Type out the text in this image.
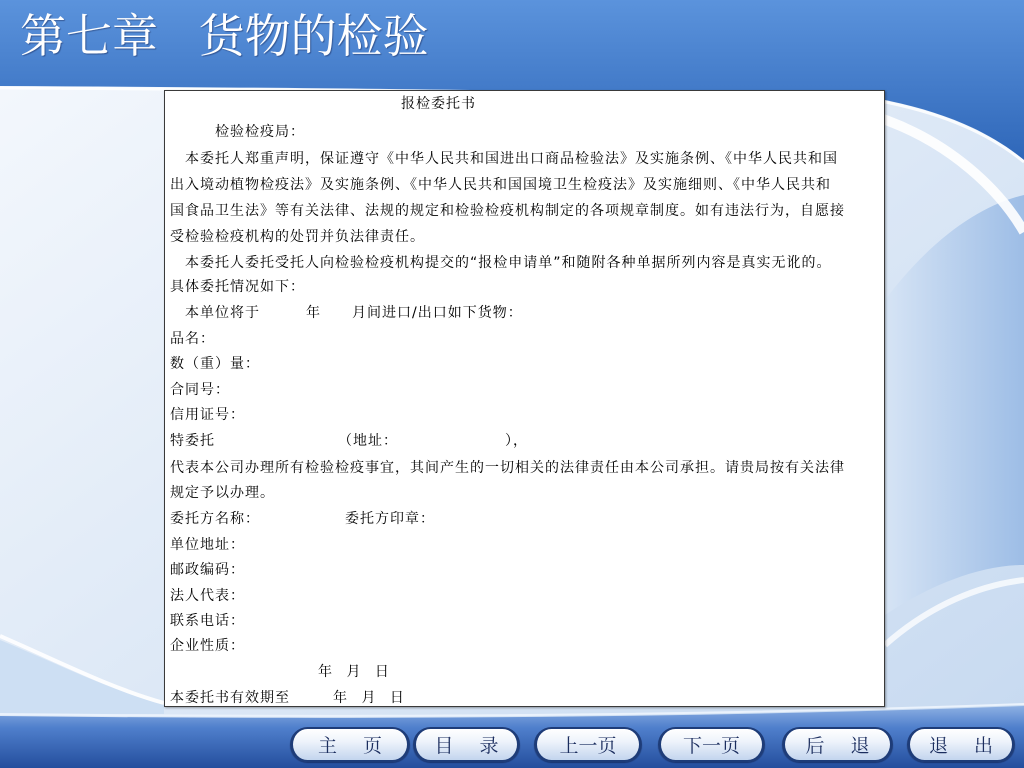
第七章 货物的检验
报检委托书
检验检疫局：
本委托人郑重声明，保证遵守《中华人民共和国进出口商品检验法》及实施条例、《中华人民共和国
出入境动植物检疫法》及实施条例、《中华人民共和国国境卫生检疫法》及实施细则、《中华人民共和
国食品卫生法》等有关法律、法规的规定和检验检疫机构制定的各项规章制度。如有违法行为，自愿接
受检验检疫机构的处罚并负法律责任。
本委托人委托受托人向检验检疫机构提交的“报检申请单”和随附各种单据所列内容是真实无讹的。
具体委托情况如下：
本单位将于	年 月间进口/出口如下货物：
品名：
数（重）量：
合同号：
信用证号：
特委托	（地址：	），
代表本公司办理所有检验检疫事宜，其间产生的一切相关的法律责任由本公司承担。请贵局按有关法律
规定予以办理。
委托方名称：	委托方印章：
单位地址：
邮政编码：
法人代表：
联系电话：
企业性质：
年 月 日
本委托书有效期至	年 月 日
主 页	目 录	上一页	下一页	后 退	退 出
